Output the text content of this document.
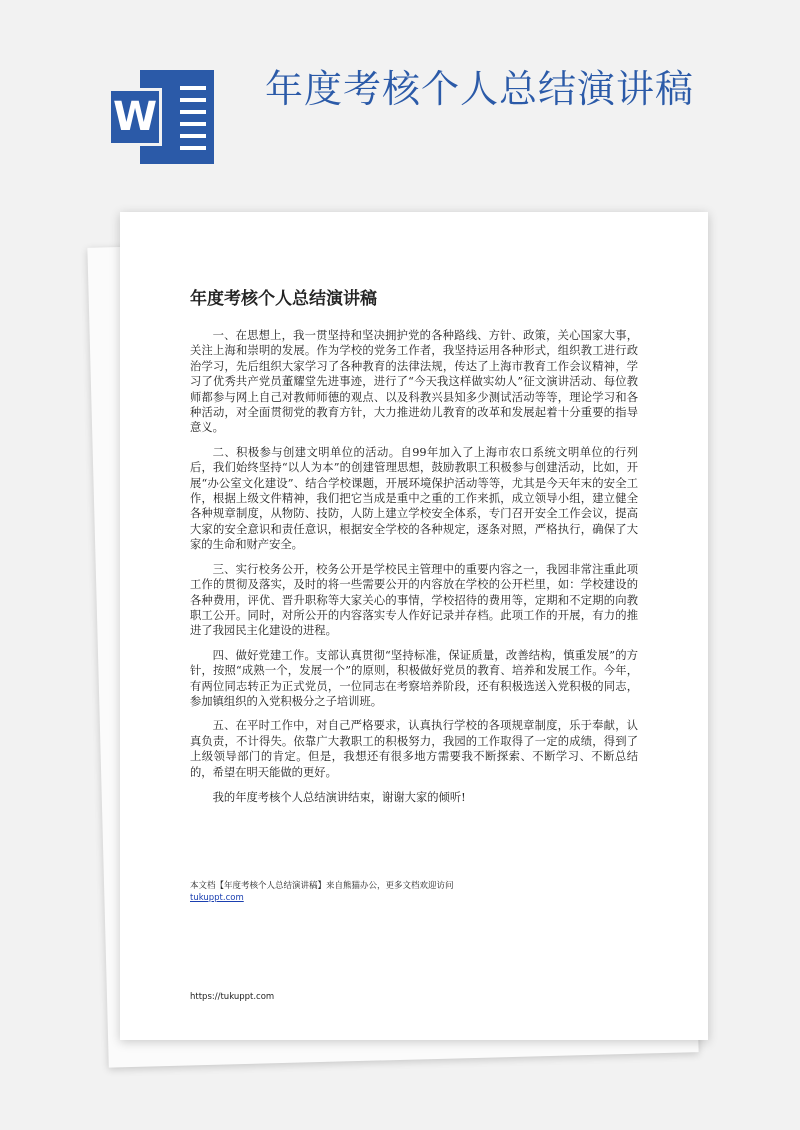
W
年度考核个人总结演讲稿
年度考核个人总结演讲稿

一、在思想上，我一贯坚持和坚决拥护党的各种路线、方针、政策，关心国家大事，关注上海和崇明的发展。作为学校的党务工作者，我坚持运用各种形式，组织教工进行政治学习，先后组织大家学习了各种教育的法律法规，传达了上海市教育工作会议精神，学习了优秀共产党员董耀堂先进事迹，进行了“今天我这样做实幼人”征文演讲活动、每位教师都参与网上自己对教师师德的观点、以及科教兴县知多少测试活动等等，理论学习和各种活动，对全面贯彻党的教育方针，大力推进幼儿教育的改革和发展起着十分重要的指导意义。

二、积极参与创建文明单位的活动。自99年加入了上海市农口系统文明单位的行列后，我们始终坚持“以人为本”的创建管理思想，鼓励教职工积极参与创建活动，比如，开展“办公室文化建设”、结合学校课题，开展环境保护活动等等，尤其是今天年末的安全工作，根据上级文件精神，我们把它当成是重中之重的工作来抓，成立领导小组，建立健全各种规章制度，从物防、技防，人防上建立学校安全体系，专门召开安全工作会议，提高大家的安全意识和责任意识，根据安全学校的各种规定，逐条对照，严格执行，确保了大家的生命和财产安全。

三、实行校务公开，校务公开是学校民主管理中的重要内容之一，我园非常注重此项工作的贯彻及落实，及时的将一些需要公开的内容放在学校的公开栏里，如：学校建设的各种费用，评优、晋升职称等大家关心的事情，学校招待的费用等，定期和不定期的向教职工公开。同时，对所公开的内容落实专人作好记录并存档。此项工作的开展，有力的推进了我园民主化建设的进程。

四、做好党建工作。支部认真贯彻“坚持标准，保证质量，改善结构，慎重发展”的方针，按照“成熟一个，发展一个”的原则，积极做好党员的教育、培养和发展工作。今年，有两位同志转正为正式党员，一位同志在考察培养阶段，还有积极选送入党积极的同志，参加镇组织的入党积极分之子培训班。

五、在平时工作中，对自己严格要求，认真执行学校的各项规章制度，乐于奉献，认真负责，不计得失。依靠广大教职工的积极努力，我园的工作取得了一定的成绩，得到了上级领导部门的肯定。但是，我想还有很多地方需要我不断探索、不断学习、不断总结的，希望在明天能做的更好。

我的年度考核个人总结演讲结束，谢谢大家的倾听!

本文档【年度考核个人总结演讲稿】来自熊猫办公，更多文档欢迎访问
tukuppt.com
https://tukuppt.com
